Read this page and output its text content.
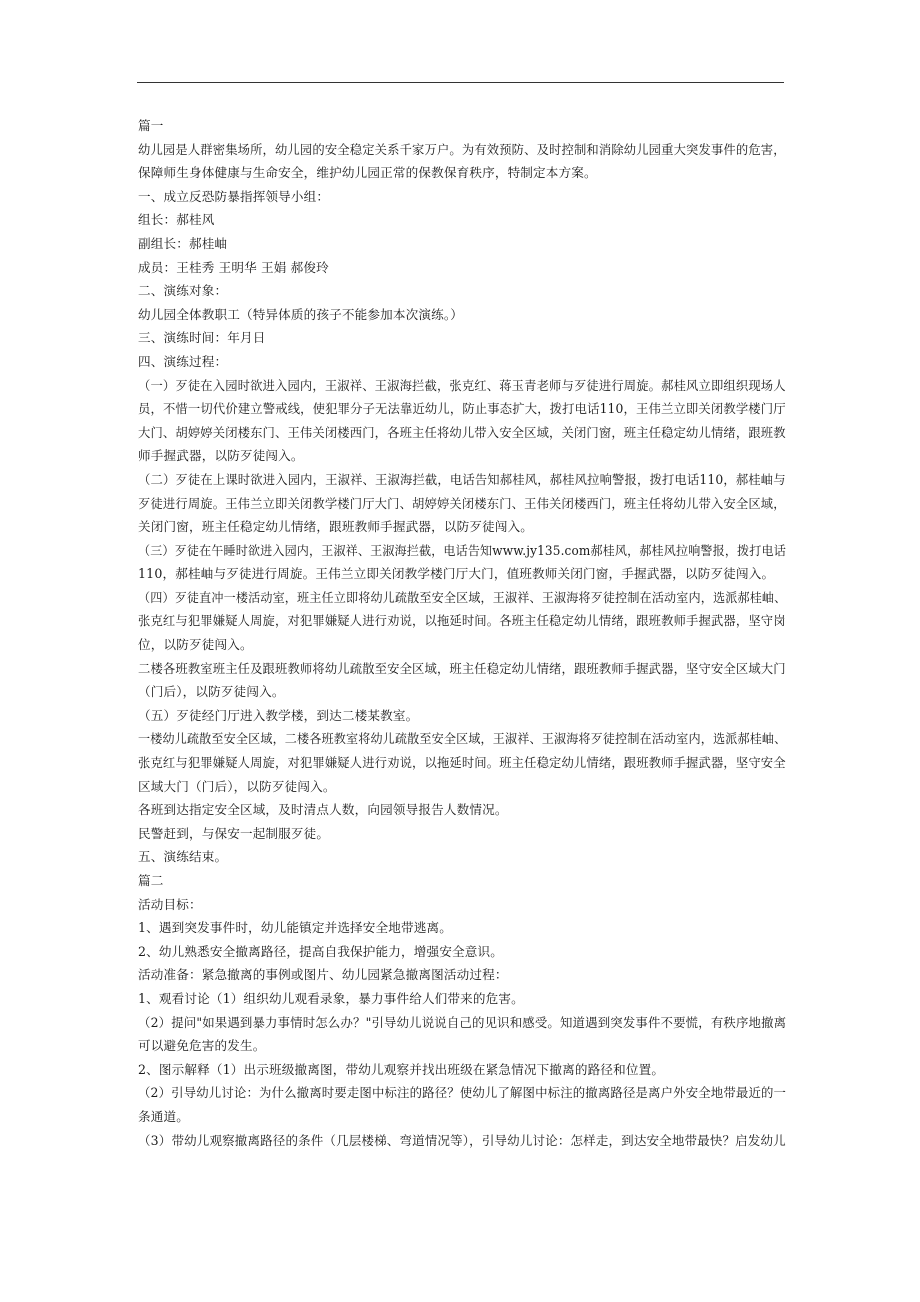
篇一
幼儿园是人群密集场所，幼儿园的安全稳定关系千家万户。为有效预防、及时控制和消除幼儿园重大突发事件的危害，
保障师生身体健康与生命安全，维护幼儿园正常的保教保育秩序，特制定本方案。
一、成立反恐防暴指挥领导小组：
组长：郝桂风
副组长：郝桂岫
成员：王桂秀 王明华 王娟 郝俊玲
二、演练对象：
幼儿园全体教职工（特异体质的孩子不能参加本次演练。）
三、演练时间：年月日
四、演练过程：
（一）歹徒在入园时欲进入园内，王淑祥、王淑海拦截，张克红、蒋玉青老师与歹徒进行周旋。郝桂风立即组织现场人
员，不惜一切代价建立警戒线，使犯罪分子无法靠近幼儿，防止事态扩大，拨打电话110，王伟兰立即关闭教学楼门厅
大门、胡婷婷关闭楼东门、王伟关闭楼西门，各班主任将幼儿带入安全区域，关闭门窗，班主任稳定幼儿情绪，跟班教
师手握武器，以防歹徒闯入。
（二）歹徒在上课时欲进入园内，王淑祥、王淑海拦截，电话告知郝桂风，郝桂风拉响警报，拨打电话110，郝桂岫与
歹徒进行周旋。王伟兰立即关闭教学楼门厅大门、胡婷婷关闭楼东门、王伟关闭楼西门，班主任将幼儿带入安全区域，
关闭门窗，班主任稳定幼儿情绪，跟班教师手握武器，以防歹徒闯入。
（三）歹徒在午睡时欲进入园内，王淑祥、王淑海拦截，电话告知www.jy135.com郝桂风，郝桂风拉响警报，拨打电话
110，郝桂岫与歹徒进行周旋。王伟兰立即关闭教学楼门厅大门，值班教师关闭门窗，手握武器，以防歹徒闯入。
（四）歹徒直冲一楼活动室，班主任立即将幼儿疏散至安全区域，王淑祥、王淑海将歹徒控制在活动室内，选派郝桂岫、
张克红与犯罪嫌疑人周旋，对犯罪嫌疑人进行劝说，以拖延时间。各班主任稳定幼儿情绪，跟班教师手握武器，坚守岗
位，以防歹徒闯入。
二楼各班教室班主任及跟班教师将幼儿疏散至安全区域，班主任稳定幼儿情绪，跟班教师手握武器，坚守安全区域大门
（门后），以防歹徒闯入。
（五）歹徒经门厅进入教学楼，到达二楼某教室。
一楼幼儿疏散至安全区域，二楼各班教室将幼儿疏散至安全区域，王淑祥、王淑海将歹徒控制在活动室内，选派郝桂岫、
张克红与犯罪嫌疑人周旋，对犯罪嫌疑人进行劝说，以拖延时间。班主任稳定幼儿情绪，跟班教师手握武器，坚守安全
区域大门（门后），以防歹徒闯入。
各班到达指定安全区域，及时清点人数，向园领导报告人数情况。
民警赶到，与保安一起制服歹徒。
五、演练结束。
篇二
活动目标：
1、遇到突发事件时，幼儿能镇定并选择安全地带逃离。
2、幼儿熟悉安全撤离路径，提高自我保护能力，增强安全意识。
活动准备：紧急撤离的事例或图片、幼儿园紧急撤离图活动过程：
1、观看讨论（1）组织幼儿观看录象，暴力事件给人们带来的危害。
（2）提问"如果遇到暴力事情时怎么办？"引导幼儿说说自己的见识和感受。知道遇到突发事件不要慌，有秩序地撤离
可以避免危害的发生。
2、图示解释（1）出示班级撤离图，带幼儿观察并找出班级在紧急情况下撤离的路径和位置。
（2）引导幼儿讨论：为什么撤离时要走图中标注的路径？使幼儿了解图中标注的撤离路径是离户外安全地带最近的一
条通道。
（3）带幼儿观察撤离路径的条件（几层楼梯、弯道情况等），引导幼儿讨论：怎样走，到达安全地带最快？启发幼儿
